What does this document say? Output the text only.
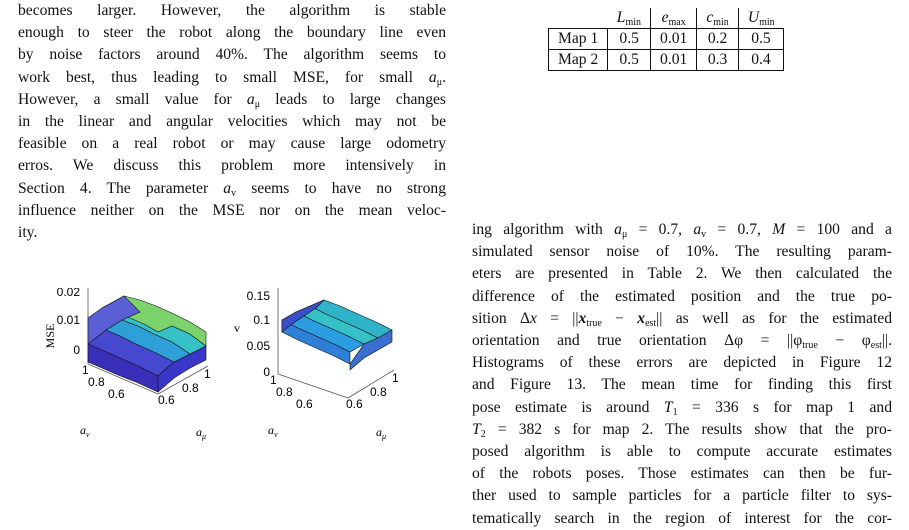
becomes larger. However, the algorithm is stable
enough to steer the robot along the boundary line even
by noise factors around 40%. The algorithm seems to
work best, thus leading to small MSE, for small $a_\mu$.
However, a small value for $a_\mu$ leads to large changes
in the linear and angular velocities which may not be
feasible on a real robot or may cause large odometry
erros. We discuss this problem more intensively in
Section 4. The parameter $a_v$ seems to have no strong
influence neither on the MSE nor on the mean veloc-
ity.
	$L_{min}$	$e_{max}$	$c_{min}$	$U_{min}$
Map 1	0.5	0.01	0.2	0.5
Map 2	0.5	0.01	0.3	0.4
ing algorithm with $a_\mu = 0.7$, $a_v = 0.7$, M = 100 and a
simulated sensor noise of 10%. The resulting param-
eters are presented in Table 2. We then calculated the
difference of the estimated position and the true po-
sition $\Delta x = ||x_{true} - x_{est}||$ as well as for the estimated
orientation and true orientation $\Delta\varphi = ||\varphi_{true} - \varphi_{est}||$.
Histograms of these errors are depicted in Figure 12
and Figure 13. The mean time for finding this first
pose estimate is around $T_1 = 336$ s for map 1 and
$T_2 = 382$ s for map 2. The results show that the pro-
posed algorithm is able to compute accurate estimates
of the robots poses. Those estimates can then be fur-
ther used to sample particles for a particle filter to sys-
tematically search in the region of interest for the cor-
0.02
0.01
0
MSE
1
0.8
0.6	0.6
0.8
1
$a_v$	$a_\mu$
0.15
0.1
0.05
0
v
1
0.8
0.6	0.6
0.8
1
$a_v$	$a_\mu$
